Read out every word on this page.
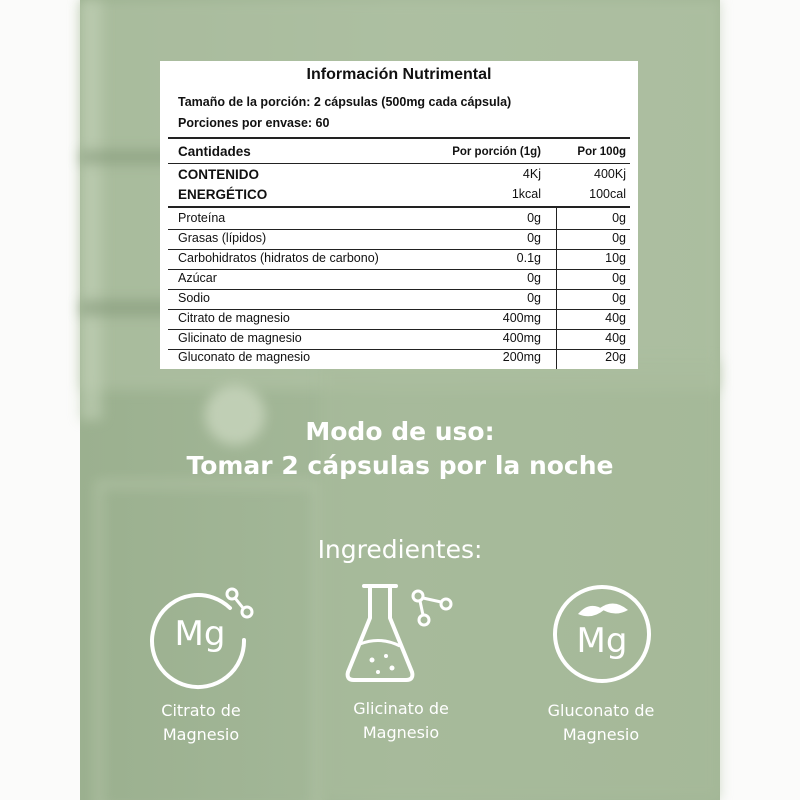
Información Nutrimental
Tamaño de la porción: 2 cápsulas (500mg cada cápsula)
Porciones por envase: 60
Cantidades	Por porción (1g)	Por 100g
CONTENIDO	4Kj	400Kj
ENERGÉTICO	1kcal	100cal
Proteína	0g	0g
Grasas (lípidos)	0g	0g
Carbohidratos (hidratos de carbono)	0.1g	10g
Azúcar	0g	0g
Sodio	0g	0g
Citrato de magnesio	400mg	40g
Glicinato de magnesio	400mg	40g
Gluconato de magnesio	200mg	20g
Modo de uso:
Tomar 2 cápsulas por la noche
Ingredientes:
Mg
Citrato de
Magnesio
Glicinato de
Magnesio
Mg
Gluconato de
Magnesio
